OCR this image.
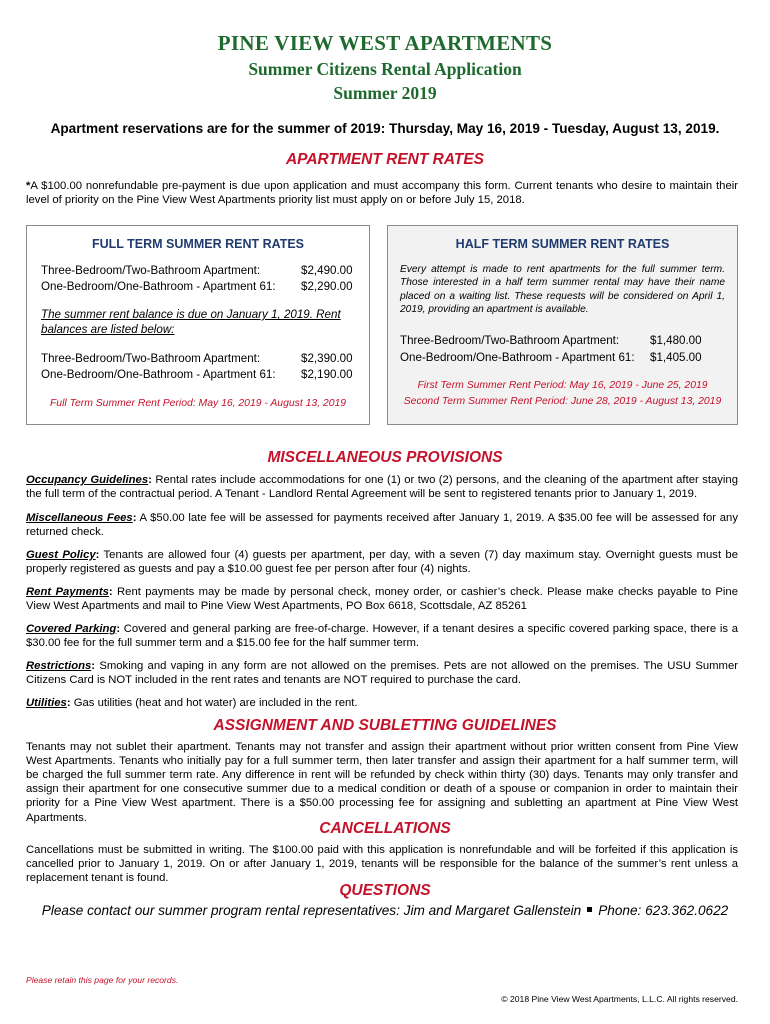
PINE VIEW WEST APARTMENTS
Summer Citizens Rental Application
Summer 2019
Apartment reservations are for the summer of 2019: Thursday, May 16, 2019 - Tuesday, August 13, 2019.
APARTMENT RENT RATES
*A $100.00 nonrefundable pre-payment is due upon application and must accompany this form. Current tenants who desire to maintain their level of priority on the Pine View West Apartments priority list must apply on or before July 15, 2018.
FULL TERM SUMMER RENT RATES
Three-Bedroom/Two-Bathroom Apartment:	$2,490.00
One-Bedroom/One-Bathroom - Apartment 61: $2,290.00
The summer rent balance is due on January 1, 2019. Rent
balances are listed below:
Three-Bedroom/Two-Bathroom Apartment:	$2,390.00
One-Bedroom/One-Bathroom - Apartment 61: $2,190.00
Full Term Summer Rent Period: May 16, 2019 - August 13, 2019
HALF TERM SUMMER RENT RATES
Every attempt is made to rent apartments for the full summer term. Those interested in a half term summer rental may have their name placed on a waiting list. These requests will be considered on April 1, 2019, providing an apartment is available.
Three-Bedroom/Two-Bathroom Apartment:	$1,480.00
One-Bedroom/One-Bathroom - Apartment 61: $1,405.00
First Term Summer Rent Period: May 16, 2019 - June 25, 2019
Second Term Summer Rent Period: June 28, 2019 - August 13, 2019
MISCELLANEOUS PROVISIONS
Occupancy Guidelines: Rental rates include accommodations for one (1) or two (2) persons, and the cleaning of the apartment after staying the full term of the contractual period. A Tenant - Landlord Rental Agreement will be sent to registered tenants prior to January 1, 2019.
Miscellaneous Fees: A $50.00 late fee will be assessed for payments received after January 1, 2019. A $35.00 fee will be assessed for any returned check.
Guest Policy: Tenants are allowed four (4) guests per apartment, per day, with a seven (7) day maximum stay. Overnight guests must be properly registered as guests and pay a $10.00 guest fee per person after four (4) nights.
Rent Payments: Rent payments may be made by personal check, money order, or cashier’s check. Please make checks payable to Pine View West Apartments and mail to Pine View West Apartments, PO Box 6618, Scottsdale, AZ 85261
Covered Parking: Covered and general parking are free-of-charge. However, if a tenant desires a specific covered parking space, there is a $30.00 fee for the full summer term and a $15.00 fee for the half summer term.
Restrictions: Smoking and vaping in any form are not allowed on the premises. Pets are not allowed on the premises. The USU Summer Citizens Card is NOT included in the rent rates and tenants are NOT required to purchase the card.
Utilities: Gas utilities (heat and hot water) are included in the rent.
ASSIGNMENT AND SUBLETTING GUIDELINES
Tenants may not sublet their apartment. Tenants may not transfer and assign their apartment without prior written consent from Pine View West Apartments. Tenants who initially pay for a full summer term, then later transfer and assign their apartment for a half summer term, will be charged the full summer term rate. Any difference in rent will be refunded by check within thirty (30) days. Tenants may only transfer and assign their apartment for one consecutive summer due to a medical condition or death of a spouse or companion in order to maintain their priority for a Pine View West apartment. There is a $50.00 processing fee for assigning and subletting an apartment at Pine View West Apartments.
CANCELLATIONS
Cancellations must be submitted in writing. The $100.00 paid with this application is nonrefundable and will be forfeited if this application is cancelled prior to January 1, 2019. On or after January 1, 2019, tenants will be responsible for the balance of the summer’s rent unless a replacement tenant is found.
QUESTIONS
Please contact our summer program rental representatives: Jim and Margaret Gallenstein Phone: 623.362.0622
Please retain this page for your records.
© 2018 Pine View West Apartments, L.L.C. All rights reserved.
